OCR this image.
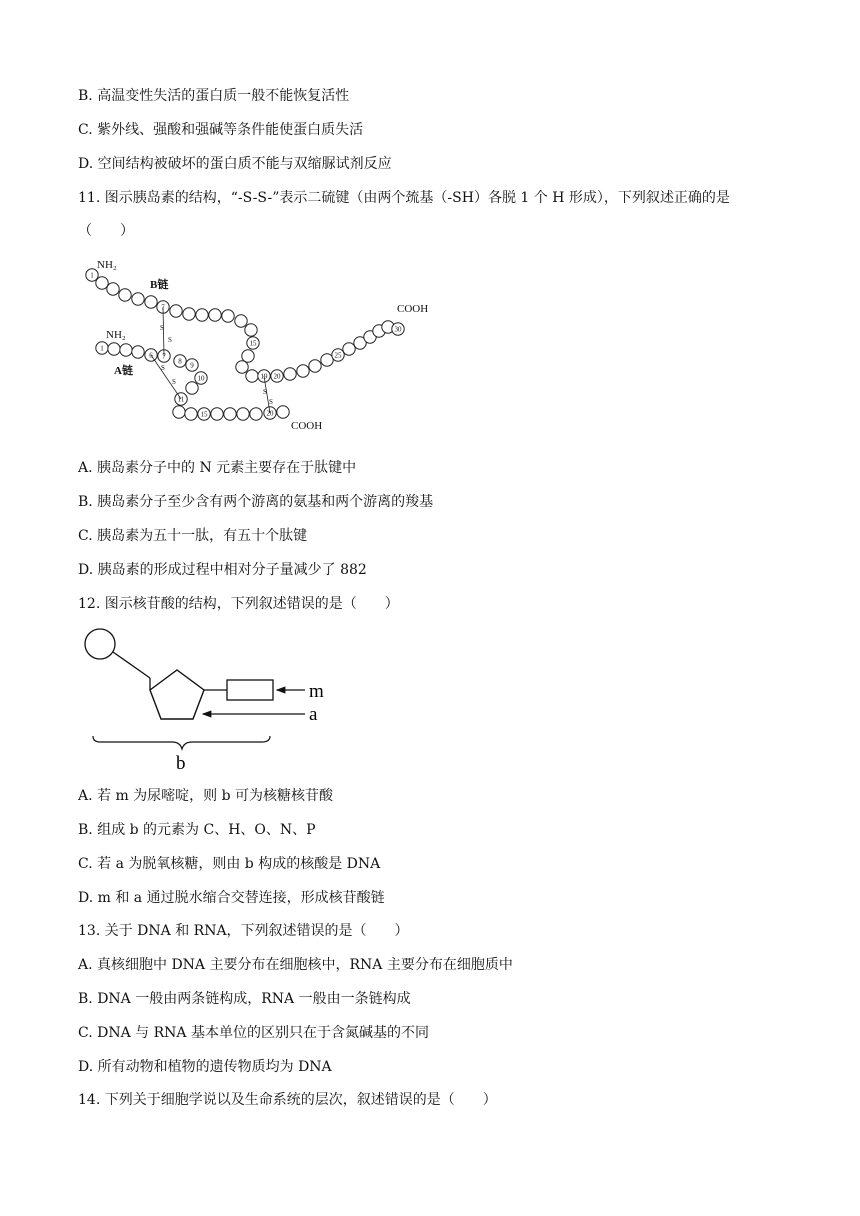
B. 高温变性失活的蛋白质一般不能恢复活性
C. 紫外线、强酸和强碱等条件能使蛋白质失活
D. 空间结构被破坏的蛋白质不能与双缩脲试剂反应
11. 图示胰岛素的结构，“-S-S-”表示二硫键（由两个巯基（-SH）各脱 1 个 H 形成），下列叙述正确的是
（　　）
1
7
15
19 20
25
30
1
6 7
8 9
10
11
15	20
S
S
S
S
S
S
NH₂
B链
COOH
NH₂
A链
COOH
A. 胰岛素分子中的 N 元素主要存在于肽键中
B. 胰岛素分子至少含有两个游离的氨基和两个游离的羧基
C. 胰岛素为五十一肽，有五十个肽键
D. 胰岛素的形成过程中相对分子量减少了 882
12. 图示核苷酸的结构，下列叙述错误的是（　　）
m
a
b
A. 若 m 为尿嘧啶，则 b 可为核糖核苷酸
B. 组成 b 的元素为 C、H、O、N、P
C. 若 a 为脱氧核糖，则由 b 构成的核酸是 DNA
D. m 和 a 通过脱水缩合交替连接，形成核苷酸链
13. 关于 DNA 和 RNA，下列叙述错误的是（　　）
A. 真核细胞中 DNA 主要分布在细胞核中，RNA 主要分布在细胞质中
B. DNA 一般由两条链构成，RNA 一般由一条链构成
C. DNA 与 RNA 基本单位的区别只在于含氮碱基的不同
D. 所有动物和植物的遗传物质均为 DNA
14. 下列关于细胞学说以及生命系统的层次，叙述错误的是（　　）
